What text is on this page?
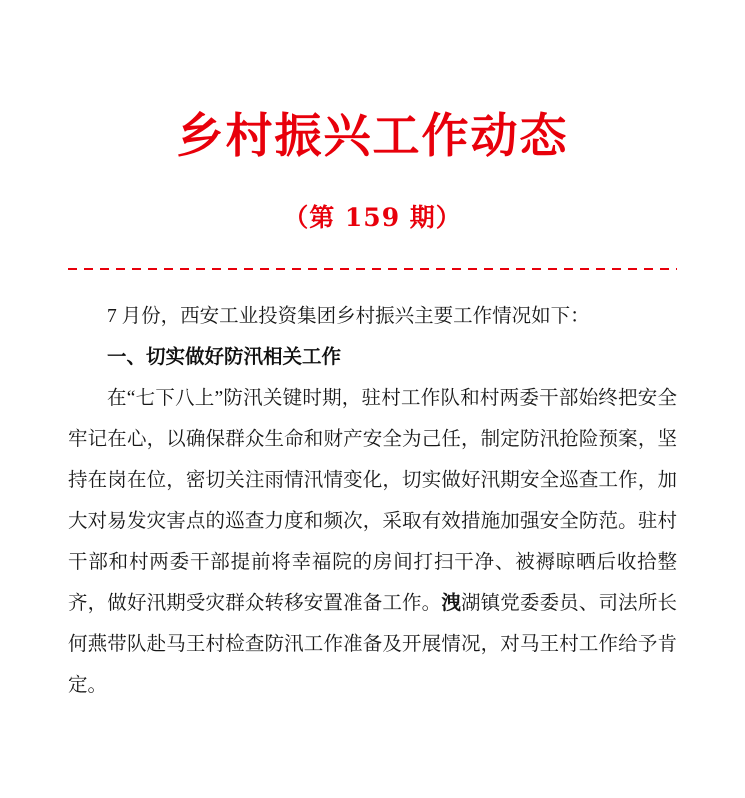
乡村振兴工作动态
（第 159 期）

7 月份，西安工业投资集团乡村振兴主要工作情况如下：

一、切实做好防汛相关工作

在“七下八上”防汛关键时期，驻村工作队和村两委干部始终把安全牢记在心，以确保群众生命和财产安全为己任，制定防汛抢险预案，坚持在岗在位，密切关注雨情汛情变化，切实做好汛期安全巡查工作，加大对易发灾害点的巡查力度和频次，采取有效措施加强安全防范。驻村干部和村两委干部提前将幸福院的房间打扫干净、被褥晾晒后收拾整齐，做好汛期受灾群众转移安置准备工作。洩湖镇党委委员、司法所长何燕带队赴马王村检查防汛工作准备及开展情况，对马王村工作给予肯定。
